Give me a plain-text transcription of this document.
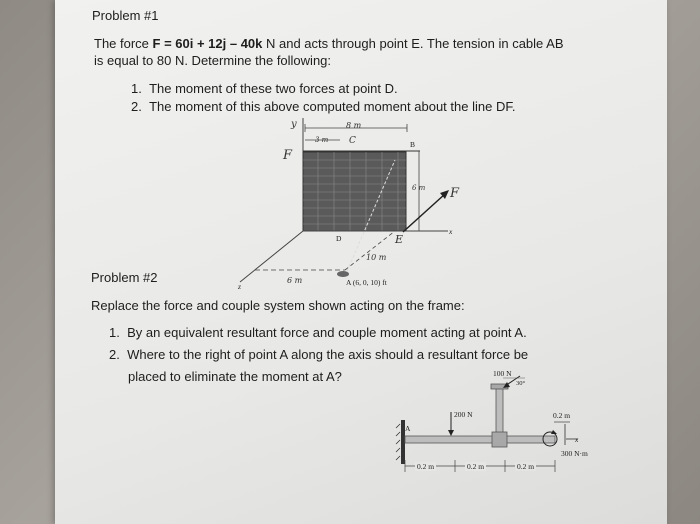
Problem #1
The force F = 60i + 12j – 40k N and acts through point E. The tension in cable AB
is equal to 80 N. Determine the following:
1. The moment of these two forces at point D.
2. The moment of this above computed moment about the line DF.
y	8 m
3 m C	B
F
6 m F
D	E
x
10 m
6 m
z	A (6, 0, 10) ft
Problem #2
Replace the force and couple system shown acting on the frame:
1. By an equivalent resultant force and couple moment acting at point A.
2. Where to the right of point A along the axis should a resultant force be
placed to eliminate the moment at A?	100 N
30°
200 N	0.2 m
A
x
300 N·m
0.2 m	0.2 m	0.2 m
